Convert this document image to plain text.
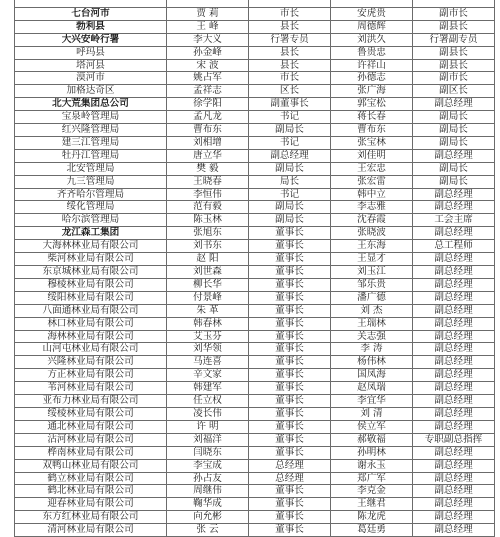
七台河市	贾 莉	市长	安虎贵	副市长
勃利县	王 峰	县长	周德辉	副县长
大兴安岭行署	李大义	行署专员	刘洪久	行署副专员
呼玛县	孙金峰	县长	鲁贵忠	副县长
塔河县	宋 波	县长	许祥山	副县长
漠河市	姚占军	市长	孙德志	副市长
加格达奇区	孟祥志	区长	张广海	副区长
北大荒集团总公司	徐学阳	副董事长	郭宝松	副总经理
宝泉岭管理局	孟凡龙	书记	蒋长春	副局长
红兴隆管理局	曹布东	副局长	曹布东	副局长
建三江管理局	刘相增	书记	张宝林	副局长
牡丹江管理局	唐立华	副总经理	刘佳明	副总经理
北安管理局	樊 毅	副局长	王宏忠	副局长
九三管理局	王晓春	局长	张宏雷	副局长
齐齐哈尔管理局	李恒伟	书记	韩中立	副总经理
绥化管理局	范有毅	副局长	李志雅	副总经理
哈尔滨管理局	陈玉林	副局长	沈春霞	工会主席
龙江森工集团	张旭东	董事长	张晓波	副总经理
大海林林业局有限公司	刘书东	董事长	王东海	总工程师
柴河林业局有限公司	赵 阳	董事长	王显才	副总经理
东京城林业局有限公司	刘世森	董事长	刘玉江	副总经理
穆棱林业局有限公司	柳长华	董事长	邹乐贵	副总经理
绥阳林业局有限公司	付景峰	董事长	潘广德	副总经理
八面通林业局有限公司	朱 革	董事长	刘 杰	副总经理
林口林业局有限公司	韩春林	董事长	王瑞林	副总经理
海林林业局有限公司	艾玉芬	董事长	关志强	副总经理
山河屯林业局有限公司	刘华领	董事长	李 涛	副总经理
兴隆林业局有限公司	马连喜	董事长	杨伟林	副总经理
方正林业局有限公司	辛文家	董事长	国凤海	副总经理
苇河林业局有限公司	韩建军	董事长	赵凤瑞	副总经理
亚布力林业局有限公司	任立权	董事长	李宜华	副总经理
绥棱林业局有限公司	凌长伟	董事长	刘 清	副总经理
通北林业局有限公司	许 明	董事长	侯立军	副总经理
沾河林业局有限公司	刘福洋	董事长	郝敬福	专职副总指挥
桦南林业局有限公司	闫晓东	董事长	孙明林	副总经理
双鸭山林业局有限公司	李宝成	总经理	谢永玉	副总经理
鹤立林业局有限公司	孙占友	总经理	郑广军	副总经理
鹤北林业局有限公司	周继伟	董事长	李克金	副总经理
迎春林业局有限公司	鞠华成	董事长	王继君	副总经理
东方红林业局有限公司	向允彬	董事长	陈龙虎	副总经理
清河林业局有限公司	张 云	董事长	葛廷勇	副总经理
